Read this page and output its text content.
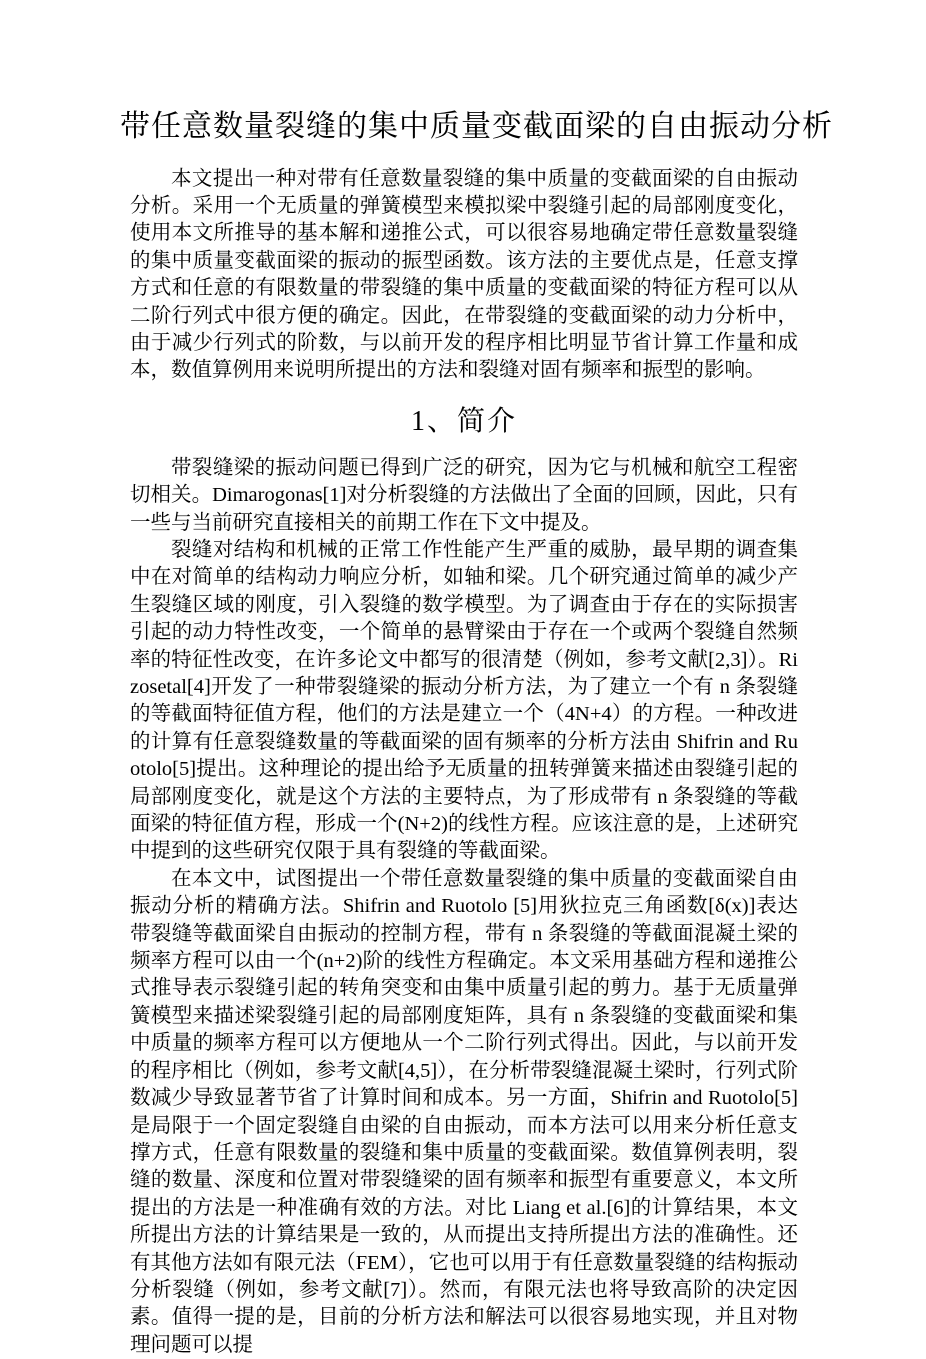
带任意数量裂缝的集中质量变截面梁的自由振动分析

本文提出一种对带有任意数量裂缝的集中质量的变截面梁的自由振动分析。采用一个无质量的弹簧模型来模拟梁中裂缝引起的局部刚度变化，使用本文所推导的基本解和递推公式，可以很容易地确定带任意数量裂缝的集中质量变截面梁的振动的振型函数。该方法的主要优点是，任意支撑方式和任意的有限数量的带裂缝的集中质量的变截面梁的特征方程可以从二阶行列式中很方便的确定。因此，在带裂缝的变截面梁的动力分析中，由于减少行列式的阶数，与以前开发的程序相比明显节省计算工作量和成本，数值算例用来说明所提出的方法和裂缝对固有频率和振型的影响。

1、简介

带裂缝梁的振动问题已得到广泛的研究，因为它与机械和航空工程密切相关。Dimarogonas[1]对分析裂缝的方法做出了全面的回顾，因此，只有一些与当前研究直接相关的前期工作在下文中提及。

裂缝对结构和机械的正常工作性能产生严重的威胁，最早期的调查集中在对简单的结构动力响应分析，如轴和梁。几个研究通过简单的减少产生裂缝区域的刚度，引入裂缝的数学模型。为了调查由于存在的实际损害引起的动力特性改变，一个简单的悬臂梁由于存在一个或两个裂缝自然频率的特征性改变，在许多论文中都写的很清楚（例如，参考文献[2,3]）。Rizosetal[4]开发了一种带裂缝梁的振动分析方法，为了建立一个有 n 条裂缝的等截面特征值方程，他们的方法是建立一个（4N+4）的方程。一种改进的计算有任意裂缝数量的等截面梁的固有频率的分析方法由 Shifrin and Ruotolo[5]提出。这种理论的提出给予无质量的扭转弹簧来描述由裂缝引起的局部刚度变化，就是这个方法的主要特点，为了形成带有 n 条裂缝的等截面梁的特征值方程，形成一个(N+2)的线性方程。应该注意的是，上述研究中提到的这些研究仅限于具有裂缝的等截面梁。

在本文中，试图提出一个带任意数量裂缝的集中质量的变截面梁自由振动分析的精确方法。Shifrin and Ruotolo [5]用狄拉克三角函数[δ(x)]表达带裂缝等截面梁自由振动的控制方程，带有 n 条裂缝的等截面混凝土梁的频率方程可以由一个(n+2)阶的线性方程确定。本文采用基础方程和递推公式推导表示裂缝引起的转角突变和由集中质量引起的剪力。基于无质量弹簧模型来描述梁裂缝引起的局部刚度矩阵，具有 n 条裂缝的变截面梁和集中质量的频率方程可以方便地从一个二阶行列式得出。因此，与以前开发的程序相比（例如，参考文献[4,5]），在分析带裂缝混凝土梁时，行列式阶数减少导致显著节省了计算时间和成本。另一方面，Shifrin and Ruotolo[5]是局限于一个固定裂缝自由梁的自由振动，而本方法可以用来分析任意支撑方式，任意有限数量的裂缝和集中质量的变截面梁。数值算例表明，裂缝的数量、深度和位置对带裂缝梁的固有频率和振型有重要意义，本文所提出的方法是一种准确有效的方法。对比 Liang et al.[6]的计算结果，本文所提出方法的计算结果是一致的，从而提出支持所提出方法的准确性。还有其他方法如有限元法（FEM），它也可以用于有任意数量裂缝的结构振动分析裂缝（例如，参考文献[7]）。然而，有限元法也将导致高阶的决定因素。值得一提的是，目前的分析方法和解法可以很容易地实现，并且对物理问题可以提
